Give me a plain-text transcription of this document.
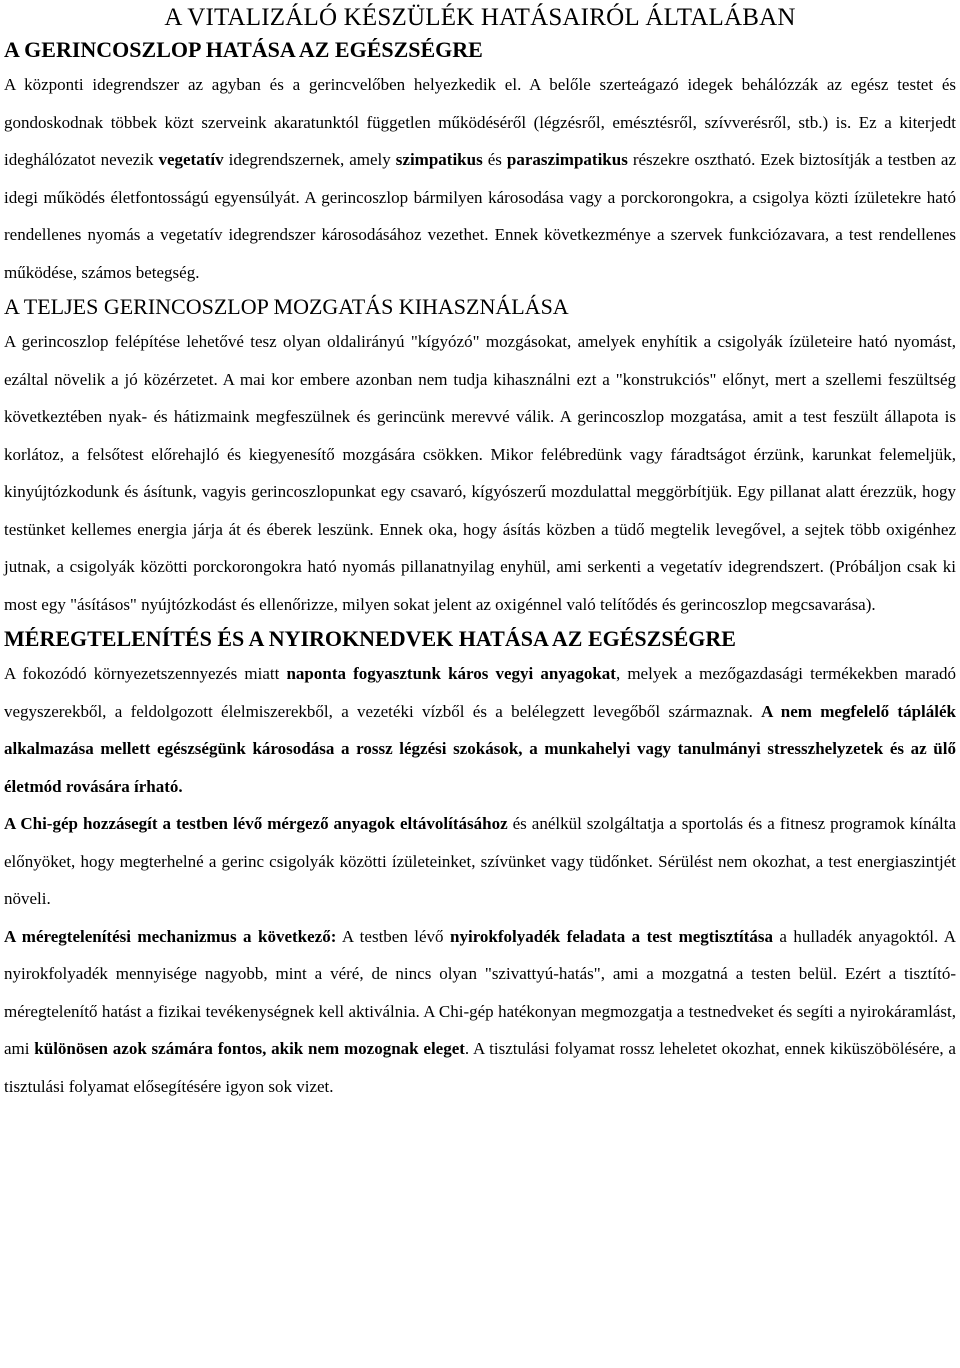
A VITALIZÁLÓ KÉSZÜLÉK HATÁSAIRÓL ÁLTALÁBAN
A GERINCOSZLOP HATÁSA AZ EGÉSZSÉGRE

A központi idegrendszer az agyban és a gerincvelőben helyezkedik el. A belőle szerteágazó idegek behálózzák az egész testet és gondoskodnak többek közt szerveink akaratunktól független működéséről (légzésről, emésztésről, szívverésről, stb.) is. Ez a kiterjedt ideghálózatot nevezik vegetatív idegrendszernek, amely szimpatikus és paraszimpatikus részekre osztható. Ezek biztosítják a testben az idegi működés életfontosságú egyensúlyát. A gerincoszlop bármilyen károsodása vagy a porckorongokra, a csigolya közti ízületekre ható rendellenes nyomás a vegetatív idegrendszer károsodásához vezethet. Ennek következménye a szervek funkciózavara, a test rendellenes működése, számos betegség.

A TELJES GERINCOSZLOP MOZGATÁS KIHASZNÁLÁSA

A gerincoszlop felépítése lehetővé tesz olyan oldalirányú "kígyózó" mozgásokat, amelyek enyhítik a csigolyák ízületeire ható nyomást, ezáltal növelik a jó közérzetet. A mai kor embere azonban nem tudja kihasználni ezt a "konstrukciós" előnyt, mert a szellemi feszültség következtében nyak- és hátizmaink megfeszülnek és gerincünk merevvé válik. A gerincoszlop mozgatása, amit a test feszült állapota is korlátoz, a felsőtest előrehajló és kiegyenesítő mozgására csökken. Mikor felébredünk vagy fáradtságot érzünk, karunkat felemeljük, kinyújtózkodunk és ásítunk, vagyis gerincoszlopunkat egy csavaró, kígyószerű mozdulattal meggörbítjük. Egy pillanat alatt érezzük, hogy testünket kellemes energia járja át és éberek leszünk. Ennek oka, hogy ásítás közben a tüdő megtelik levegővel, a sejtek több oxigénhez jutnak, a csigolyák közötti porckorongokra ható nyomás pillanatnyilag enyhül, ami serkenti a vegetatív idegrendszert. (Próbáljon csak ki most egy "ásításos" nyújtózkodást és ellenőrizze, milyen sokat jelent az oxigénnel való telítődés és gerincoszlop megcsavarása).

MÉREGTELENÍTÉS ÉS A NYIROKNEDVEK HATÁSA AZ EGÉSZSÉGRE

A fokozódó környezetszennyezés miatt naponta fogyasztunk káros vegyi anyagokat, melyek a mezőgazdasági termékekben maradó vegyszerekből, a feldolgozott élelmiszerekből, a vezetéki vízből és a belélegzett levegőből származnak. A nem megfelelő táplálék alkalmazása mellett egészségünk károsodása a rossz légzési szokások, a munkahelyi vagy tanulmányi stresszhelyzetek és az ülő életmód rovására írható.

A Chi-gép hozzásegít a testben lévő mérgező anyagok eltávolításához és anélkül szolgáltatja a sportolás és a fitnesz programok kínálta előnyöket, hogy megterhelné a gerinc csigolyák közötti ízületeinket, szívünket vagy tüdőnket. Sérülést nem okozhat, a test energiaszintjét növeli.

A méregtelenítési mechanizmus a következő: A testben lévő nyirokfolyadék feladata a test megtisztítása a hulladék anyagoktól. A nyirokfolyadék mennyisége nagyobb, mint a véré, de nincs olyan "szivattyú-hatás", ami a mozgatná a testen belül. Ezért a tisztító-méregtelenítő hatást a fizikai tevékenységnek kell aktiválnia. A Chi-gép hatékonyan megmozgatja a testnedveket és segíti a nyirokáramlást, ami különösen azok számára fontos, akik nem mozognak eleget. A tisztulási folyamat rossz leheletet okozhat, ennek kiküszöbölésére, a tisztulási folyamat elősegítésére igyon sok vizet.
